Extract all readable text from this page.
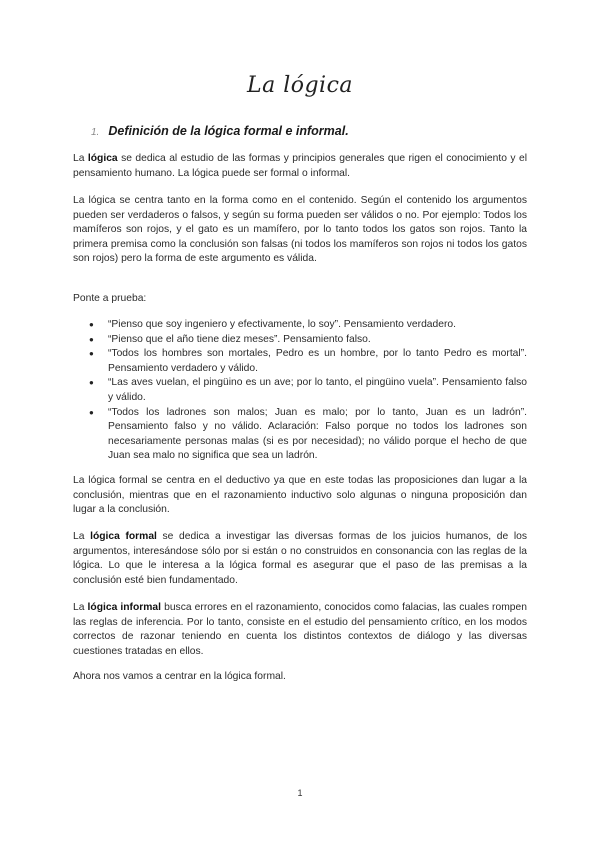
La lógica
1. Definición de la lógica formal e informal.

La lógica se dedica al estudio de las formas y principios generales que rigen el conocimiento y el pensamiento humano. La lógica puede ser formal o informal.

La lógica se centra tanto en la forma como en el contenido. Según el contenido los argumentos pueden ser verdaderos o falsos, y según su forma pueden ser válidos o no. Por ejemplo: Todos los mamíferos son rojos, y el gato es un mamífero, por lo tanto todos los gatos son rojos. Tanto la primera premisa como la conclusión son falsas (ni todos los mamíferos son rojos ni todos los gatos son rojos) pero la forma de este argumento es válida.

Ponte a prueba:

● “Pienso que soy ingeniero y efectivamente, lo soy”. Pensamiento verdadero.
● “Pienso que el año tiene diez meses”. Pensamiento falso.
● “Todos los hombres son mortales, Pedro es un hombre, por lo tanto Pedro es mortal”. Pensamiento verdadero y válido.
● “Las aves vuelan, el pingüino es un ave; por lo tanto, el pingüino vuela”. Pensamiento falso y válido.
● “Todos los ladrones son malos; Juan es malo; por lo tanto, Juan es un ladrón”. Pensamiento falso y no válido. Aclaración: Falso porque no todos los ladrones son necesariamente personas malas (si es por necesidad); no válido porque el hecho de que Juan sea malo no significa que sea un ladrón.

La lógica formal se centra en el deductivo ya que en este todas las proposiciones dan lugar a la conclusión, mientras que en el razonamiento inductivo solo algunas o ninguna proposición dan lugar a la conclusión.

La lógica formal se dedica a investigar las diversas formas de los juicios humanos, de los argumentos, interesándose sólo por si están o no construidos en consonancia con las reglas de la lógica. Lo que le interesa a la lógica formal es asegurar que el paso de las premisas a la conclusión esté bien fundamentado.

La lógica informal busca errores en el razonamiento, conocidos como falacias, las cuales rompen las reglas de inferencia. Por lo tanto, consiste en el estudio del pensamiento crítico, en los modos correctos de razonar teniendo en cuenta los distintos contextos de diálogo y las diversas cuestiones tratadas en ellos.

Ahora nos vamos a centrar en la lógica formal.

1
